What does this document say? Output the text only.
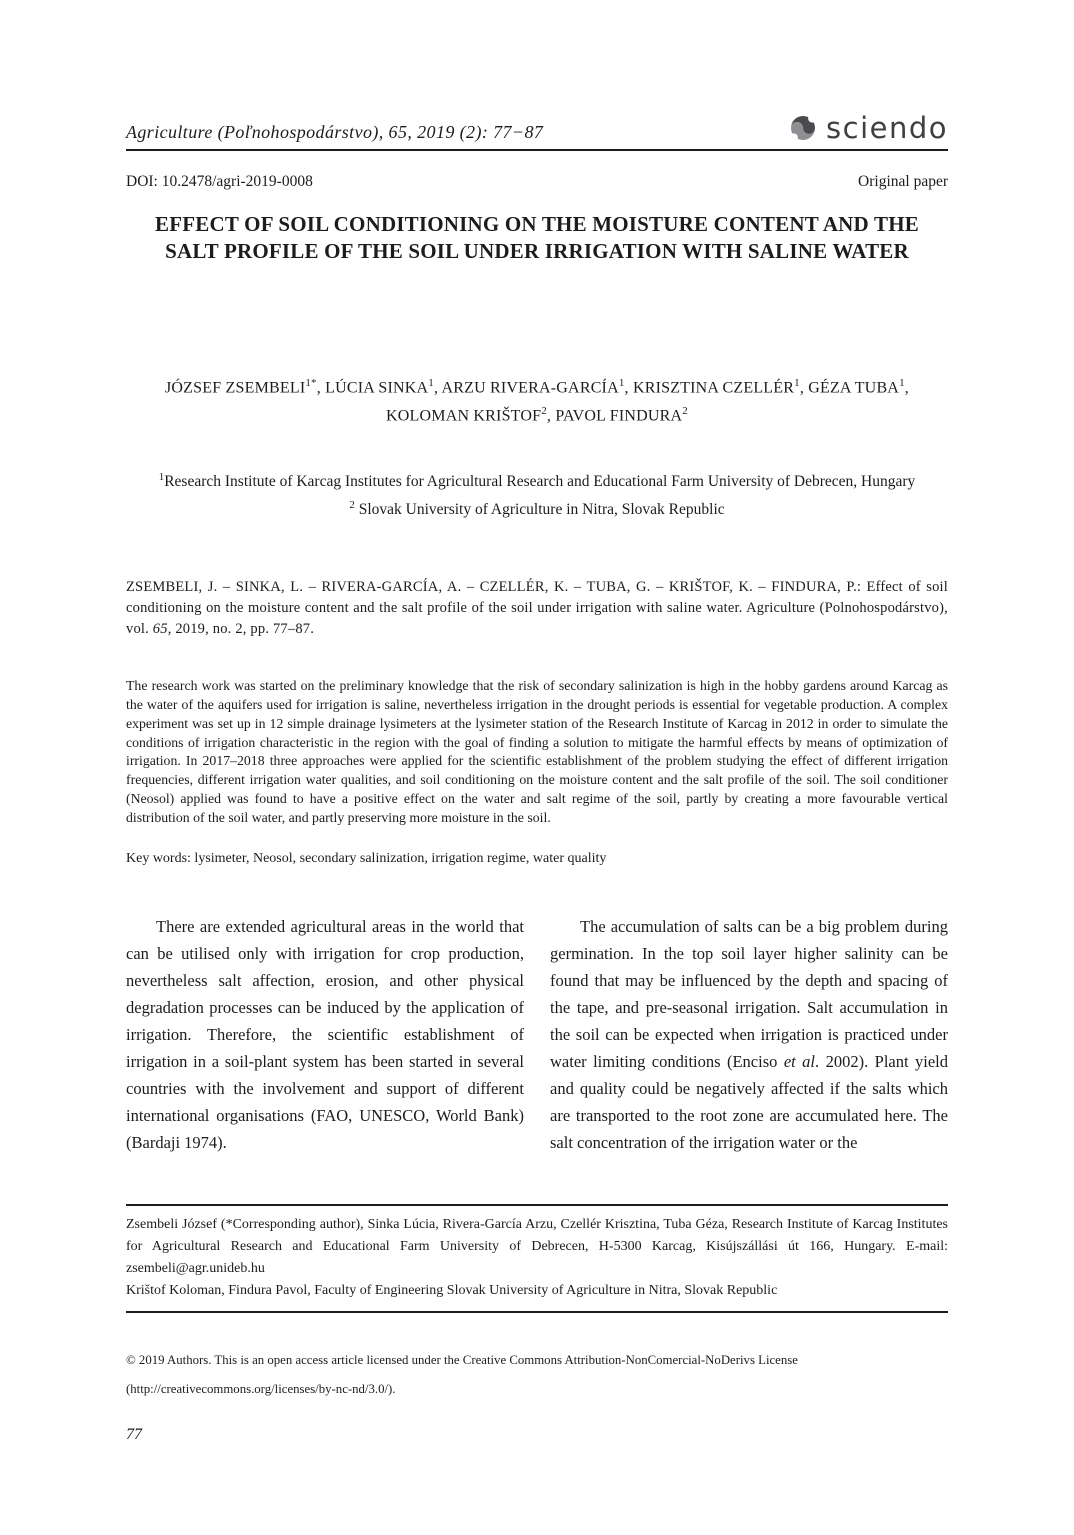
Agriculture (Poľnohospodárstvo), 65, 2019 (2): 77−87	sciendo
DOI: 10.2478/agri-2019-0008	Original paper
EFFECT OF SOIL CONDITIONING ON THE MOISTURE CONTENT AND THE SALT PROFILE OF THE SOIL UNDER IRRIGATION WITH SALINE WATER
JÓZSEF $ZSEMBELI^{1*}$, LÚCIA SINKA$^1$, ARZU RIVERA-GARCÍA$^1$, KRISZTINA CZELLÉR$^1$, GÉZA TUBA$^1$, KOLOMAN KRIŠTOF$^2$, PAVOL FINDURA$^2$
$^1$Research Institute of Karcag Institutes for Agricultural Research and Educational Farm University of Debrecen, Hungary
$^2$ Slovak University of Agriculture in Nitra, Slovak Republic
ZSEMBELI, J. – SINKA, L. – RIVERA-GARCÍA, A. – CZELLÉR, K. – TUBA, G. – KRIŠTOF, K. – FINDURA, P.: Effect of soil conditioning on the moisture content and the salt profile of the soil under irrigation with saline water. Agriculture (Polnohospodárstvo), vol. 65, 2019, no. 2, pp. 77–87.
The research work was started on the preliminary knowledge that the risk of secondary salinization is high in the hobby gardens around Karcag as the water of the aquifers used for irrigation is saline, nevertheless irrigation in the drought periods is essential for vegetable production. A complex experiment was set up in 12 simple drainage lysimeters at the lysimeter station of the Research Institute of Karcag in 2012 in order to simulate the conditions of irrigation characteristic in the region with the goal of finding a solution to mitigate the harmful effects by means of optimization of irrigation. In 2017–2018 three approaches were applied for the scientific establishment of the problem studying the effect of different irrigation frequencies, different irrigation water qualities, and soil conditioning on the moisture content and the salt profile of the soil. The soil conditioner (Neosol) applied was found to have a positive effect on the water and salt regime of the soil, partly by creating a more favourable vertical distribution of the soil water, and partly preserving more moisture in the soil.
Key words: lysimeter, Neosol, secondary salinization, irrigation regime, water quality

There are extended agricultural areas in the world that can be utilised only with irrigation for crop production, nevertheless salt affection, erosion, and other physical degradation processes can be induced by the application of irrigation. Therefore, the scientific establishment of irrigation in a soil-plant system has been started in several countries with the involvement and support of different international organisations (FAO, UNESCO, World Bank) (Bardaji 1974).

The accumulation of salts can be a big problem during germination. In the top soil layer higher salinity can be found that may be influenced by the depth and spacing of the tape, and pre-seasonal irrigation. Salt accumulation in the soil can be expected when irrigation is practiced under water limiting conditions (Enciso et al. 2002). Plant yield and quality could be negatively affected if the salts which are transported to the root zone are accumulated here. The salt concentration of the irrigation water or the

Zsembeli József (*Corresponding author), Sinka Lúcia, Rivera-García Arzu, Czellér Krisztina, Tuba Géza, Research Institute of Karcag Institutes for Agricultural Research and Educational Farm University of Debrecen, H-5300 Karcag, Kisújszállási út 166, Hungary. E-mail: zsembeli@agr.unideb.hu

Krištof Koloman, Findura Pavol, Faculty of Engineering Slovak University of Agriculture in Nitra, Slovak Republic

© 2019 Authors. This is an open access article licensed under the Creative Commons Attribution-NonComercial-NoDerivs License

(http://creativecommons.org/licenses/by-nc-nd/3.0/).

77
